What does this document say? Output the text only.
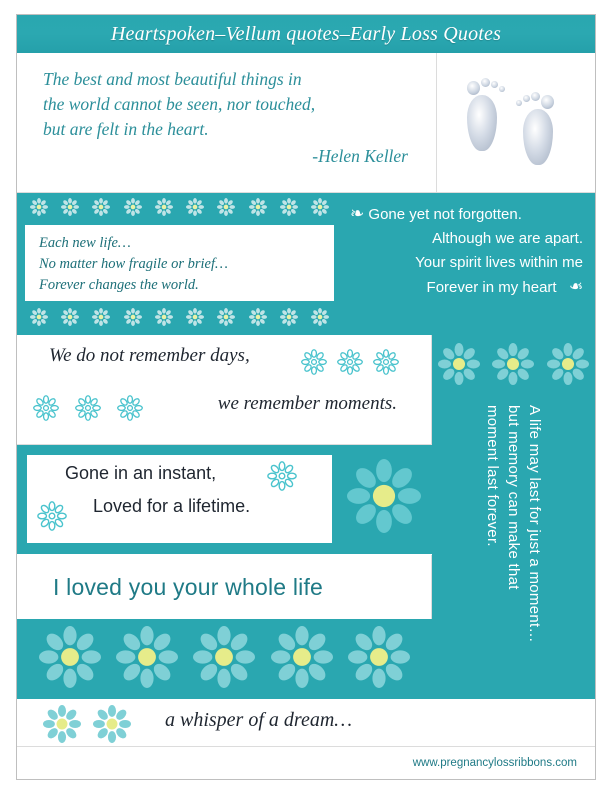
Heartspoken–Vellum quotes–Early Loss Quotes
The best and most beautiful things in
the world cannot be seen, nor touched,
but are felt in the heart.
-Helen Keller
Each new life…
No matter how fragile or brief…
Forever changes the world.
❧ Gone yet not forgotten.
Although we are apart.
Your spirit lives within me
Forever in my heart ❧
We do not remember days,
we remember moments.
moment last forever. but memory can make that A life may last for just a moment…
Gone in an instant,
Loved for a lifetime.
I loved you your whole life
a whisper of a dream…
www.pregnancylossribbons.com
